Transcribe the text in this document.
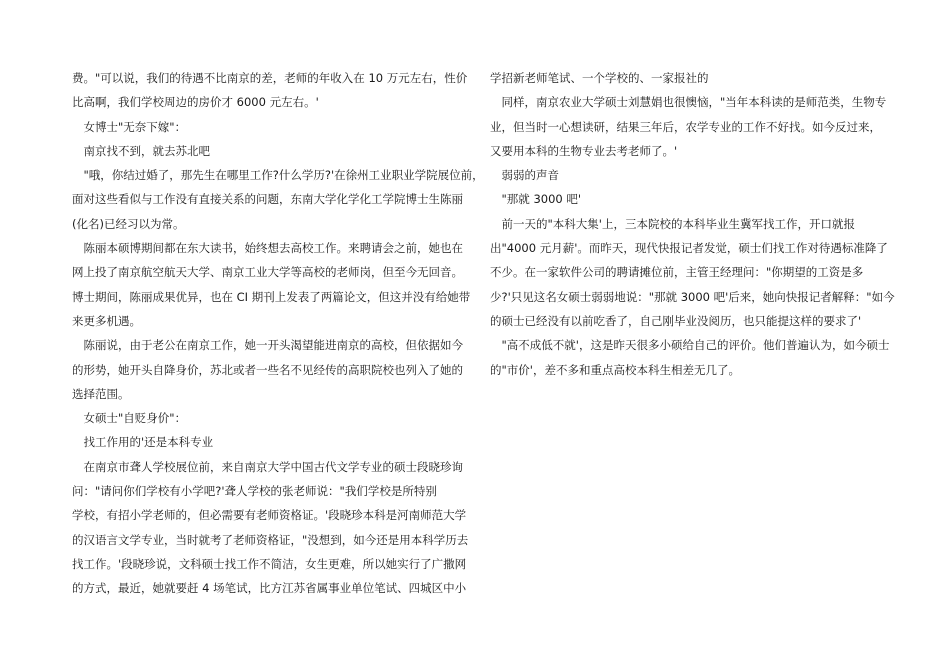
费。"可以说，我们的待遇不比南京的差，老师的年收入在 10 万元左右，性价
比高啊，我们学校周边的房价才 6000 元左右。'
　女博士"无奈下嫁"：
　南京找不到，就去苏北吧
　"哦，你结过婚了，那先生在哪里工作?什么学历?'在徐州工业职业学院展位前，
面对这些看似与工作没有直接关系的问题，东南大学化学化工学院博士生陈丽
(化名)已经习以为常。
　陈丽本硕博期间都在东大读书，始终想去高校工作。来聘请会之前，她也在
网上投了南京航空航天大学、南京工业大学等高校的老师岗，但至今无回音。
博士期间，陈丽成果优异，也在 CI 期刊上发表了两篇论文，但这并没有给她带
来更多机遇。
　陈丽说，由于老公在南京工作，她一开头渴望能进南京的高校，但依据如今
的形势，她开头自降身价，苏北或者一些名不见经传的高职院校也列入了她的
选择范围。
　女硕士"自贬身价"：
　找工作用的'还是本科专业
　在南京市聋人学校展位前，来自南京大学中国古代文学专业的硕士段晓珍询
问："请问你们学校有小学吧?'聋人学校的张老师说："我们学校是所特别
学校，有招小学老师的，但必需要有老师资格证。'段晓珍本科是河南师范大学
的汉语言文学专业，当时就考了老师资格证，"没想到，如今还是用本科学历去
找工作。'段晓珍说，文科硕士找工作不简洁，女生更难，所以她实行了广撒网
的方式，最近，她就要赶 4 场笔试，比方江苏省属事业单位笔试、四城区中小
学招新老师笔试、一个学校的、一家报社的
　同样，南京农业大学硕士刘慧娟也很懊恼，"当年本科读的是师范类，生物专
业，但当时一心想读研，结果三年后，农学专业的工作不好找。如今反过来，
又要用本科的生物专业去考老师了。'
　弱弱的声音
　"那就 3000 吧'
　前一天的"本科大集'上，三本院校的本科毕业生冀军找工作，开口就报
出"4000 元月薪'。而昨天，现代快报记者发觉，硕士们找工作对待遇标准降了
不少。在一家软件公司的聘请摊位前，主管王经理问："你期望的工资是多
少?'只见这名女硕士弱弱地说："那就 3000 吧'后来，她向快报记者解释："如今
的硕士已经没有以前吃香了，自己刚毕业没阅历，也只能提这样的要求了'
　"高不成低不就'，这是昨天很多小硕给自己的评价。他们普遍认为，如今硕士
的"市价'，差不多和重点高校本科生相差无几了。
